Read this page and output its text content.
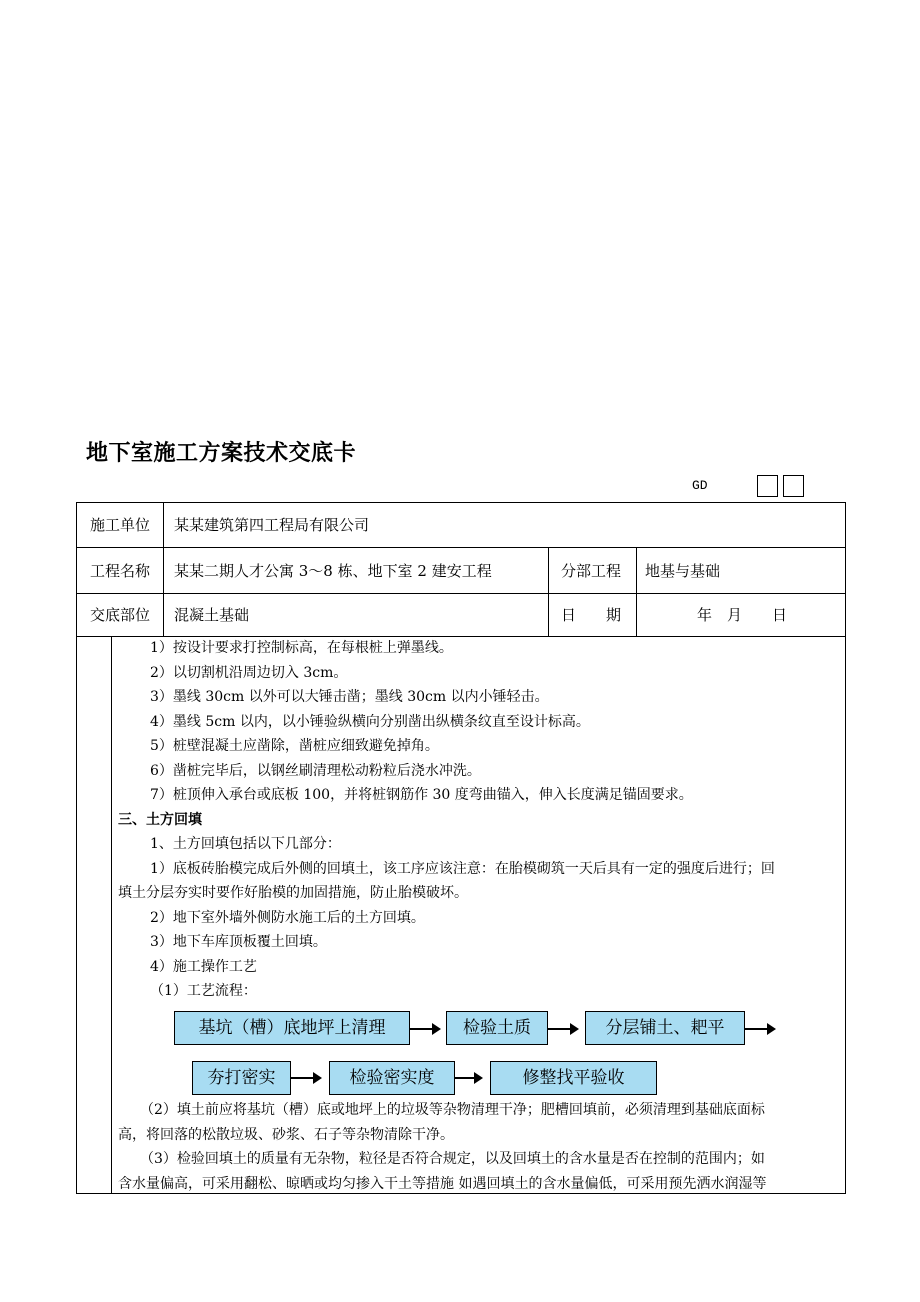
地下室施工方案技术交底卡
GD
施工单位 某某建筑第四工程局有限公司
工程名称 某某二期人才公寓 3～8 栋、地下室 2 建安工程	分部工程 地基与基础
交底部位 混凝土基础	日　　期	年　月　　日

1）按设计要求打控制标高，在每根桩上弹墨线。

2）以切割机沿周边切入 3cm。

3）墨线 30cm 以外可以大锤击凿；墨线 30cm 以内小锤轻击。

4）墨线 5cm 以内，以小锤验纵横向分别凿出纵横条纹直至设计标高。

5）桩壁混凝土应凿除，凿桩应细致避免掉角。

6）凿桩完毕后，以钢丝刷清理松动粉粒后浇水冲洗。

7）桩顶伸入承台或底板 100，并将桩钢筋作 30 度弯曲锚入，伸入长度满足锚固要求。

三、土方回填

1、土方回填包括以下几部分：

1）底板砖胎模完成后外侧的回填土，该工序应该注意：在胎模砌筑一天后具有一定的强度后进行；回

填土分层夯实时要作好胎模的加固措施，防止胎模破坏。

2）地下室外墙外侧防水施工后的土方回填。

3）地下车库顶板覆土回填。

4）施工操作工艺

（1）工艺流程：

基坑（槽）底地坪上清理	检验土质	分层铺土、耙平
夯打密实	检验密实度	修整找平验收

（2）填土前应将基坑（槽）底或地坪上的垃圾等杂物清理干净；肥槽回填前，必须清理到基础底面标

高，将回落的松散垃圾、砂浆、石子等杂物清除干净。

（3）检验回填土的质量有无杂物，粒径是否符合规定，以及回填土的含水量是否在控制的范围内；如

含水量偏高，可采用翻松、晾晒或均匀掺入干土等措施 如遇回填土的含水量偏低，可采用预先洒水润湿等
